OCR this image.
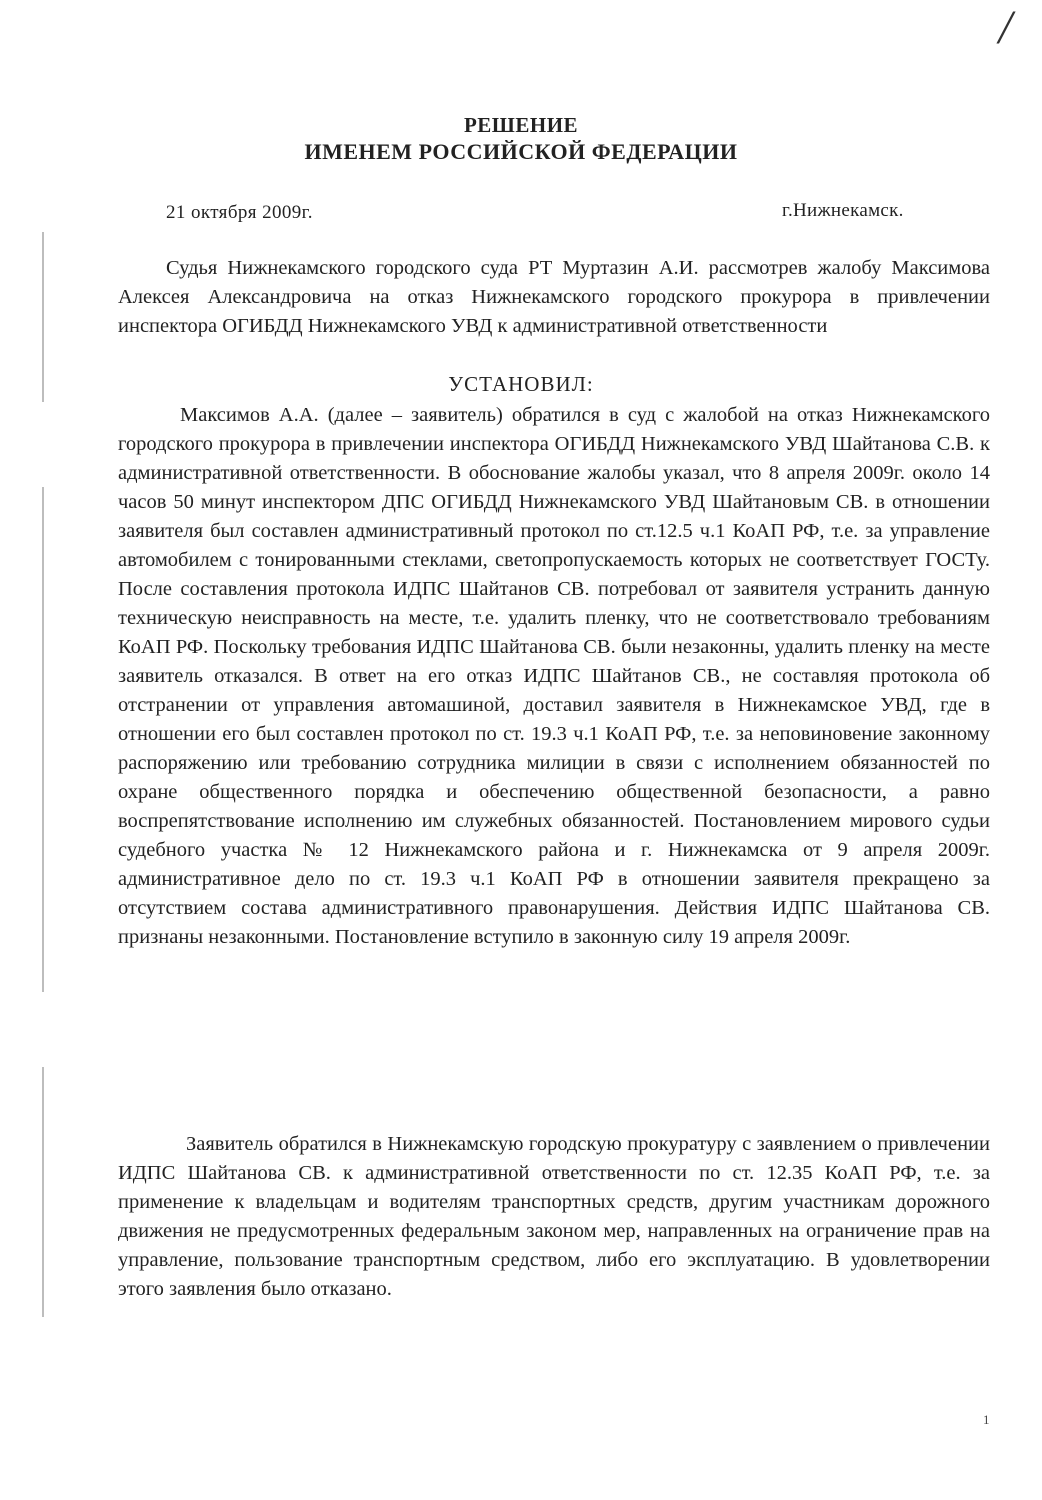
/
РЕШЕНИЕ
ИМЕНЕМ РОССИЙСКОЙ ФЕДЕРАЦИИ
21 октября 2009г.	г.Нижнекамск.
Судья Нижнекамского городского суда РТ Муртазин А.И. рассмотрев жалобу Максимова Алексея Александровича на отказ Нижнекамского городского прокурора в привлечении инспектора ОГИБДД Нижнекамского УВД к административной ответственности
УСТАНОВИЛ:
Максимов А.А. (далее – заявитель) обратился в суд с жалобой на отказ Нижнекамского городского прокурора в привлечении инспектора ОГИБДД Нижнекамского УВД Шайтанова С.В. к административной ответственности. В обоснование жалобы указал, что 8 апреля 2009г. около 14 часов 50 минут инспектором ДПС ОГИБДД Нижнекамского УВД Шайтановым СВ. в отношении заявителя был составлен административный протокол по ст.12.5 ч.1 КоАП РФ, т.е. за управление автомобилем с тонированными стеклами, светопропускаемость которых не соответствует ГОСТу. После составления протокола ИДПС Шайтанов СВ. потребовал от заявителя устранить данную техническую неисправность на месте, т.е. удалить пленку, что не соответствовало требованиям КоАП РФ. Поскольку требования ИДПС Шайтанова СВ. были незаконны, удалить пленку на месте заявитель отказался. В ответ на его отказ ИДПС Шайтанов СВ., не составляя протокола об отстранении от управления автомашиной, доставил заявителя в Нижнекамское УВД, где в отношении его был составлен протокол по ст. 19.3 ч.1 КоАП РФ, т.е. за неповиновение законному распоряжению или требованию сотрудника милиции в связи с исполнением обязанностей по охране общественного порядка и обеспечению общественной безопасности, а равно воспрепятствование исполнению им служебных обязанностей. Постановлением мирового судьи судебного участка № 12 Нижнекамского района и г. Нижнекамска от 9 апреля 2009г. административное дело по ст. 19.3 ч.1 КоАП РФ в отношении заявителя прекращено за отсутствием состава административного правонарушения. Действия ИДПС Шайтанова СВ. признаны незаконными. Постановление вступило в законную силу 19 апреля 2009г.
Заявитель обратился в Нижнекамскую городскую прокуратуру с заявлением о привлечении ИДПС Шайтанова СВ. к административной ответственности по ст. 12.35 КоАП РФ, т.е. за применение к владельцам и водителям транспортных средств, другим участникам дорожного движения не предусмотренных федеральным законом мер, направленных на ограничение прав на управление, пользование транспортным средством, либо его эксплуатацию. В удовлетворении этого заявления было отказано.
1
